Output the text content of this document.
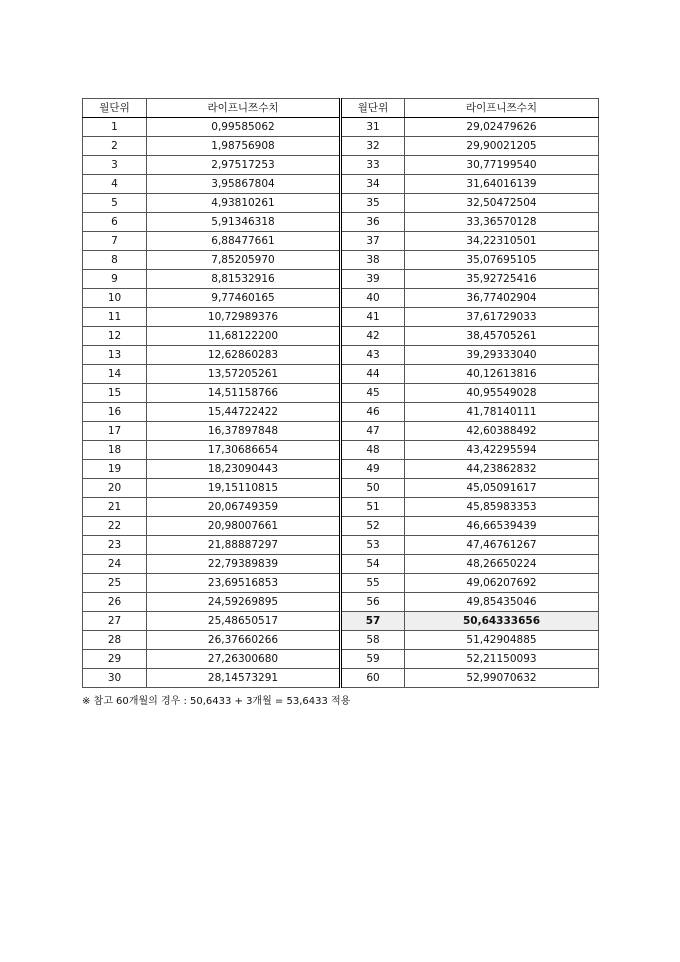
월단위	라이프니쯔수치	월단위	라이프니쯔수치
1	0,99585062	31	29,02479626
2	1,98756908	32	29,90021205
3	2,97517253	33	30,77199540
4	3,95867804	34	31,64016139
5	4,93810261	35	32,50472504
6	5,91346318	36	33,36570128
7	6,88477661	37	34,22310501
8	7,85205970	38	35,07695105
9	8,81532916	39	35,92725416
10	9,77460165	40	36,77402904
11	10,72989376	41	37,61729033
12	11,68122200	42	38,45705261
13	12,62860283	43	39,29333040
14	13,57205261	44	40,12613816
15	14,51158766	45	40,95549028
16	15,44722422	46	41,78140111
17	16,37897848	47	42,60388492
18	17,30686654	48	43,42295594
19	18,23090443	49	44,23862832
20	19,15110815	50	45,05091617
21	20,06749359	51	45,85983353
22	20,98007661	52	46,66539439
23	21,88887297	53	47,46761267
24	22,79389839	54	48,26650224
25	23,69516853	55	49,06207692
26	24,59269895	56	49,85435046
27	25,48650517	57	50,64333656
28	26,37660266	58	51,42904885
29	27,26300680	59	52,21150093
30	28,14573291	60	52,99070632
※ 참고 60개월의 경우 : 50,6433 + 3개월 = 53,6433 적용
